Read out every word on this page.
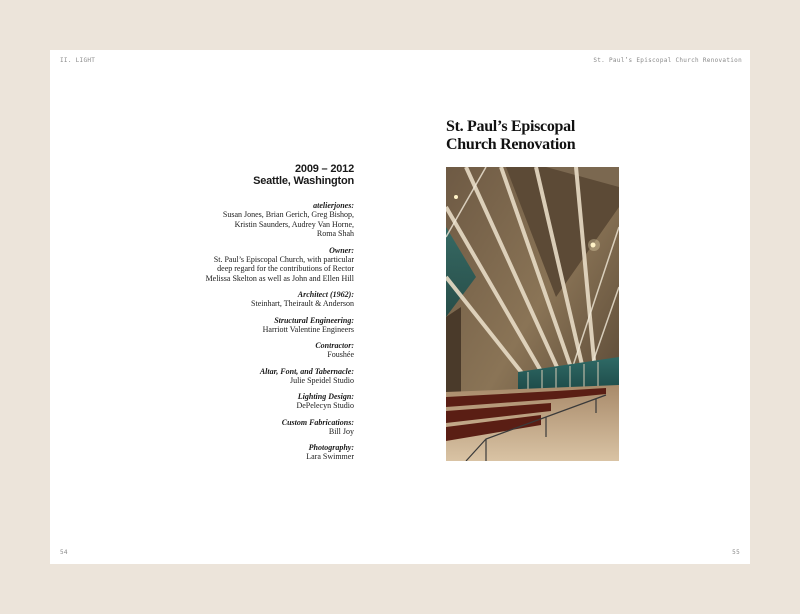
II. LIGHT	St. Paul’s Episcopal Church Renovation
2009 – 2012
Seattle, Washington
atelierjones:
Susan Jones, Brian Gerich, Greg Bishop,
Kristin Saunders, Audrey Van Horne,
Roma Shah
Owner:
St. Paul’s Episcopal Church, with particular
deep regard for the contributions of Rector
Melissa Skelton as well as John and Ellen Hill
Architect (1962):
Steinhart, Theirault & Anderson
Structural Engineering:
Harriott Valentine Engineers
Contractor:
Foushée
Altar, Font, and Tabernacle:
Julie Speidel Studio
Lighting Design:
DePelecyn Studio
Custom Fabrications:
Bill Joy
Photography:
Lara Swimmer
St. Paul’s Episcopal
Church Renovation
54	55
